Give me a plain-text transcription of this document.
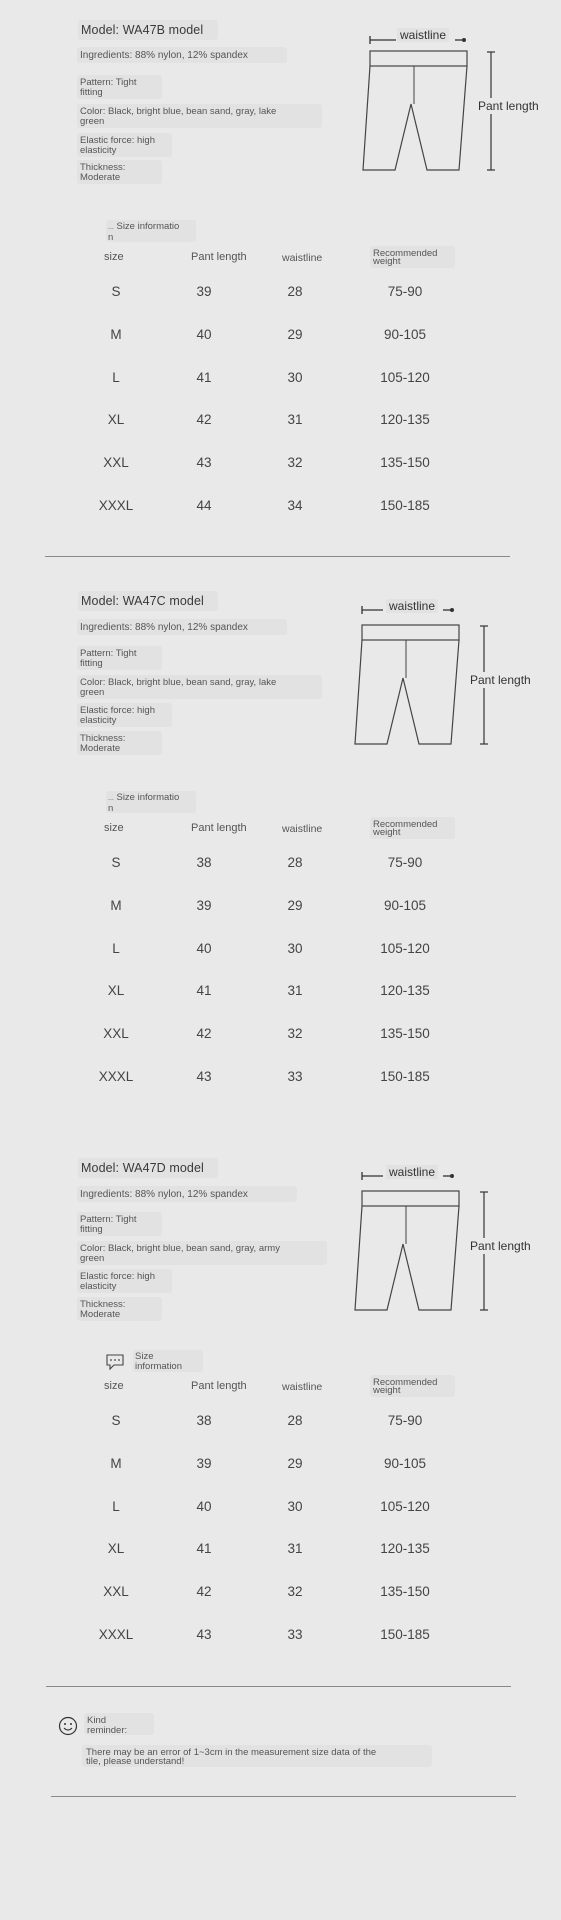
Model: WA47B model
Ingredients: 88% nylon, 12% spandex
Pattern: Tight
fitting
Color: Black, bright blue, bean sand, gray, lake
green
Elastic force: high
elasticity
Thickness:
Moderate
waistline
Pant length
... Size informatio
n
size	Pant length	waistline	Recommended
weight
S	39	28	75-90
M	40	29	90-105
L	41	30	105-120
XL	42	31	120-135
XXL	43	32	135-150
XXXL	44	34	150-185
Model: WA47C model
Ingredients: 88% nylon, 12% spandex
Pattern: Tight
fitting
Color: Black, bright blue, bean sand, gray, lake
green
Elastic force: high
elasticity
Thickness:
Moderate
waistline
Pant length
... Size informatio
n
size	Pant length	waistline	Recommended
weight
S	38	28	75-90
M	39	29	90-105
L	40	30	105-120
XL	41	31	120-135
XXL	42	32	135-150
XXXL	43	33	150-185
Model: WA47D model
Ingredients: 88% nylon, 12% spandex
Pattern: Tight
fitting
Color: Black, bright blue, bean sand, gray, army
green
Elastic force: high
elasticity
Thickness:
Moderate
waistline
Pant length
Size
information
size	Pant length	waistline	Recommended
weight
S	38	28	75-90
M	39	29	90-105
L	40	30	105-120
XL	41	31	120-135
XXL	42	32	135-150
XXXL	43	33	150-185
Kind
reminder:
There may be an error of 1~3cm in the measurement size data of the
tile, please understand!
